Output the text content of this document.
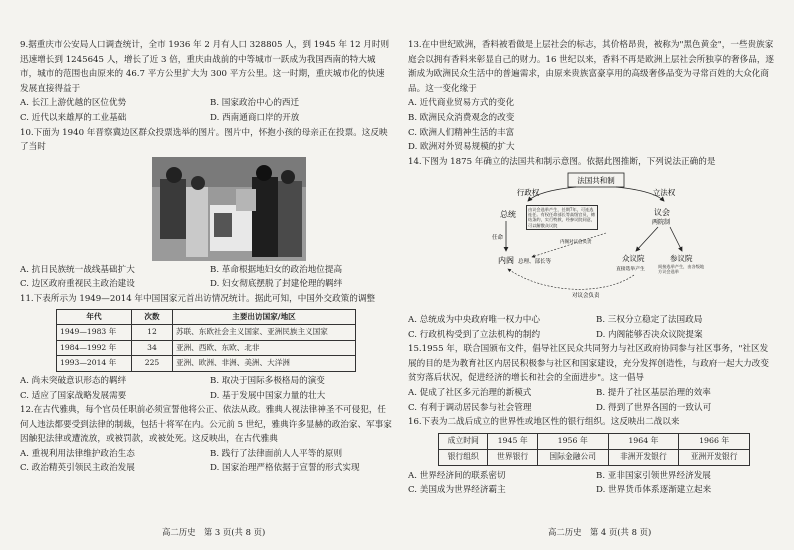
9.据重庆市公安局人口调查统计，全市 1936 年 2 月有人口 328805 人，到 1945 年 12 月时则迅速增长到 1245645 人，增长了近 3 倍，重庆由战前的中等城市一跃成为我国西南的特大城市，城市的范围也由原来的 46.7 平方公里扩大为 300 平方公里。这一时期，重庆城市化的快速发展直接得益于

A. 长江上游优越的区位优势	B. 国家政治中心的西迁
C. 近代以来雄厚的工业基础	D. 西南通商口岸的开放

10.下面为 1940 年晋察冀边区群众投票选举的图片。图片中，怀抱小孩的母亲正在投票。这反映了当时

A. 抗日民族统一战线基础扩大	B. 革命根据地妇女的政治地位提高
C. 边区政府重视民主政治建设	D. 妇女彻底摆脱了封建伦理的羁绊

11.下表所示为 1949—2014 年中国国家元首出访情况统计。据此可知，中国外交政策的调整

年代	次数	主要出访国家/地区
1949—1983 年	12	苏联、东欧社会主义国家、亚洲民族主义国家
1984—1992 年	34	亚洲、西欧、东欧、北非
1993—2014 年	225	亚洲、欧洲、非洲、美洲、大洋洲
A. 尚未突破意识形态的羁绊	B. 取决于国际多极格局的演变
C. 适应了国家战略发展需要	D. 基于发展中国家力量的壮大

12.在古代雅典，每个官员任职前必须宣誓他将公正、依法从政。雅典人视法律神圣不可侵犯，任何人违法都要受到法律的制裁，包括十将军在内。公元前 5 世纪，雅典许多显赫的政治家、军事家因触犯法律或遭流放，或被罚款，或被处死。这反映出，在古代雅典

A. 重视利用法律维护政治生态	B. 践行了法律面前人人平等的原则
C. 政治精英引领民主政治发展	D. 国家治理严格依据于宣誓的形式实现
高二历史　第 3 页(共 8 页)

13.在中世纪欧洲，香料被看做是上层社会的标志，其价格昂贵，被称为"黑色黄金"，一些贵族家庭会以拥有香料来彰显自己的财力。16 世纪以来，香料不再是欧洲上层社会所独享的奢侈品，逐渐成为欧洲民众生活中的普遍需求，由原来贵族富豪享用的高级奢侈品变为寻常百姓的大众化商品。这一变化缘于

A. 近代商业贸易方式的变化
B. 欧洲民众消费观念的改变
C. 欧洲人们精神生活的丰富
D. 欧洲对外贸易规模的扩大

14.下图为 1875 年确立的法国共和制示意图。依据此图推断，下列说法正确的是

法国共和制
行政权	立法权
总统
由议会选举产生，任期7年，可连选连任。有权任命部长等高级官员，缔结条约，实行特赦，经参议院同意，可以解散众议院
议会
两院制
任命
内阁 总理、部长等
内阁对议会负责
众议院	参议院
直接选举产生
间接选举产生，由各级地方议会选举
对议会负责
A. 总统成为中央政府唯一权力中心	B. 三权分立稳定了法国政局
C. 行政机构受到了立法机构的制约	D. 内阁能够否决众议院提案

15.1955 年，联合国颁布文件，倡导社区民众共同努力与社区政府协同参与社区事务，"社区发展的目的是为教育社区内居民积极参与社区和国家建设，充分发挥创造性，与政府一起大力改变贫穷落后状况，促进经济的增长和社会的全面进步"。这一倡导

A. 促成了社区多元治理的新模式	B. 提升了社区基层治理的效率
C. 有利于调动居民参与社会管理	D. 得到了世界各国的一致认可

16.下表为二战后成立的世界性或地区性的银行组织。这反映出二战以来

成立时间	1945 年	1956 年	1964 年	1966 年
银行组织	世界银行	国际金融公司	非洲开发银行	亚洲开发银行
A. 世界经济间的联系密切	B. 亚非国家引领世界经济发展
C. 美国成为世界经济霸主	D. 世界货币体系逐渐建立起来
高二历史　第 4 页(共 8 页)
